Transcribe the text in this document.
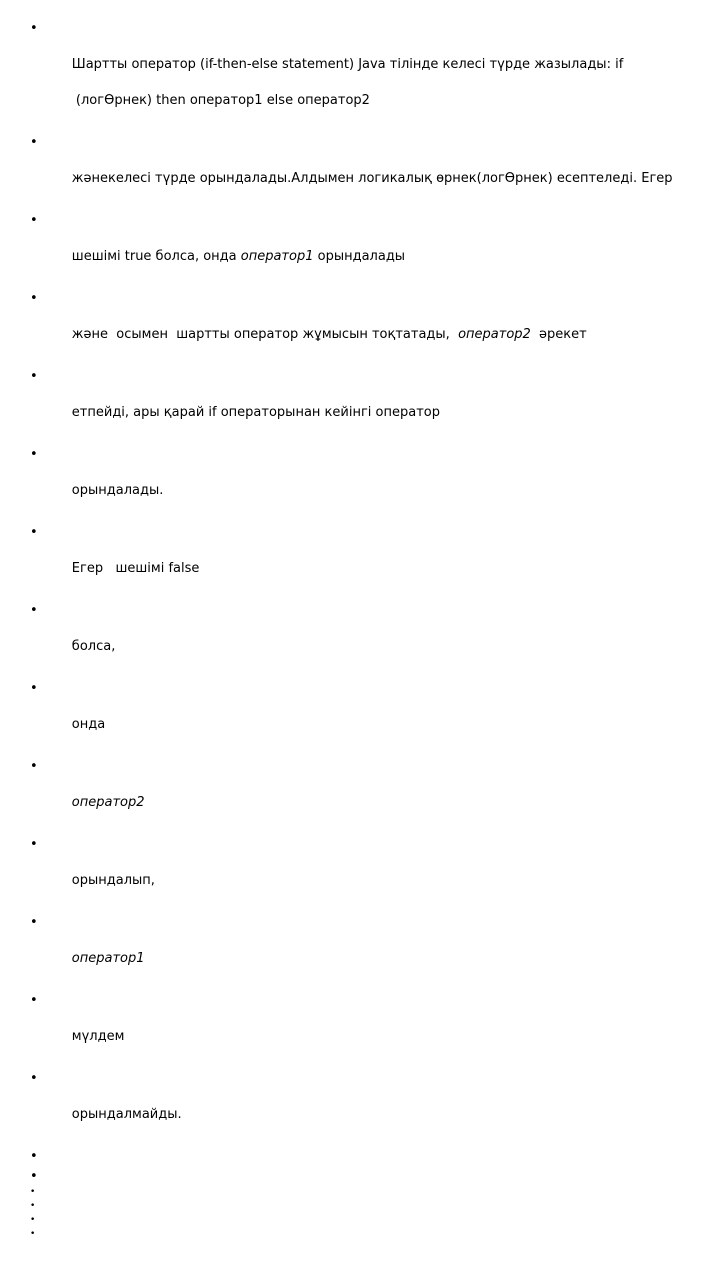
•

Шартты оператор (if-then-else statement) Java тілінде келесі түрде жазылады: if

(логӨрнек) then оператор1 else оператор2

•

жәнекелесі түрде орындалады.Алдымен логикалық өрнек(логӨрнек) есептеледі. Егер

•

шешімі true болса, онда оператор1 орындалады

•

және  осымен  шартты оператор жұмысын тоқтатады,  оператор2  әрекет

•

етпейді, ары қарай if операторынан кейінгі оператор

•

орындалады.

•

Егер   шешімі false

•

болса,

•

онда

•

оператор2

•

орындалып,

•

оператор1

•

мүлдем

•

орындалмайды.

•

•

•

•

•

•
